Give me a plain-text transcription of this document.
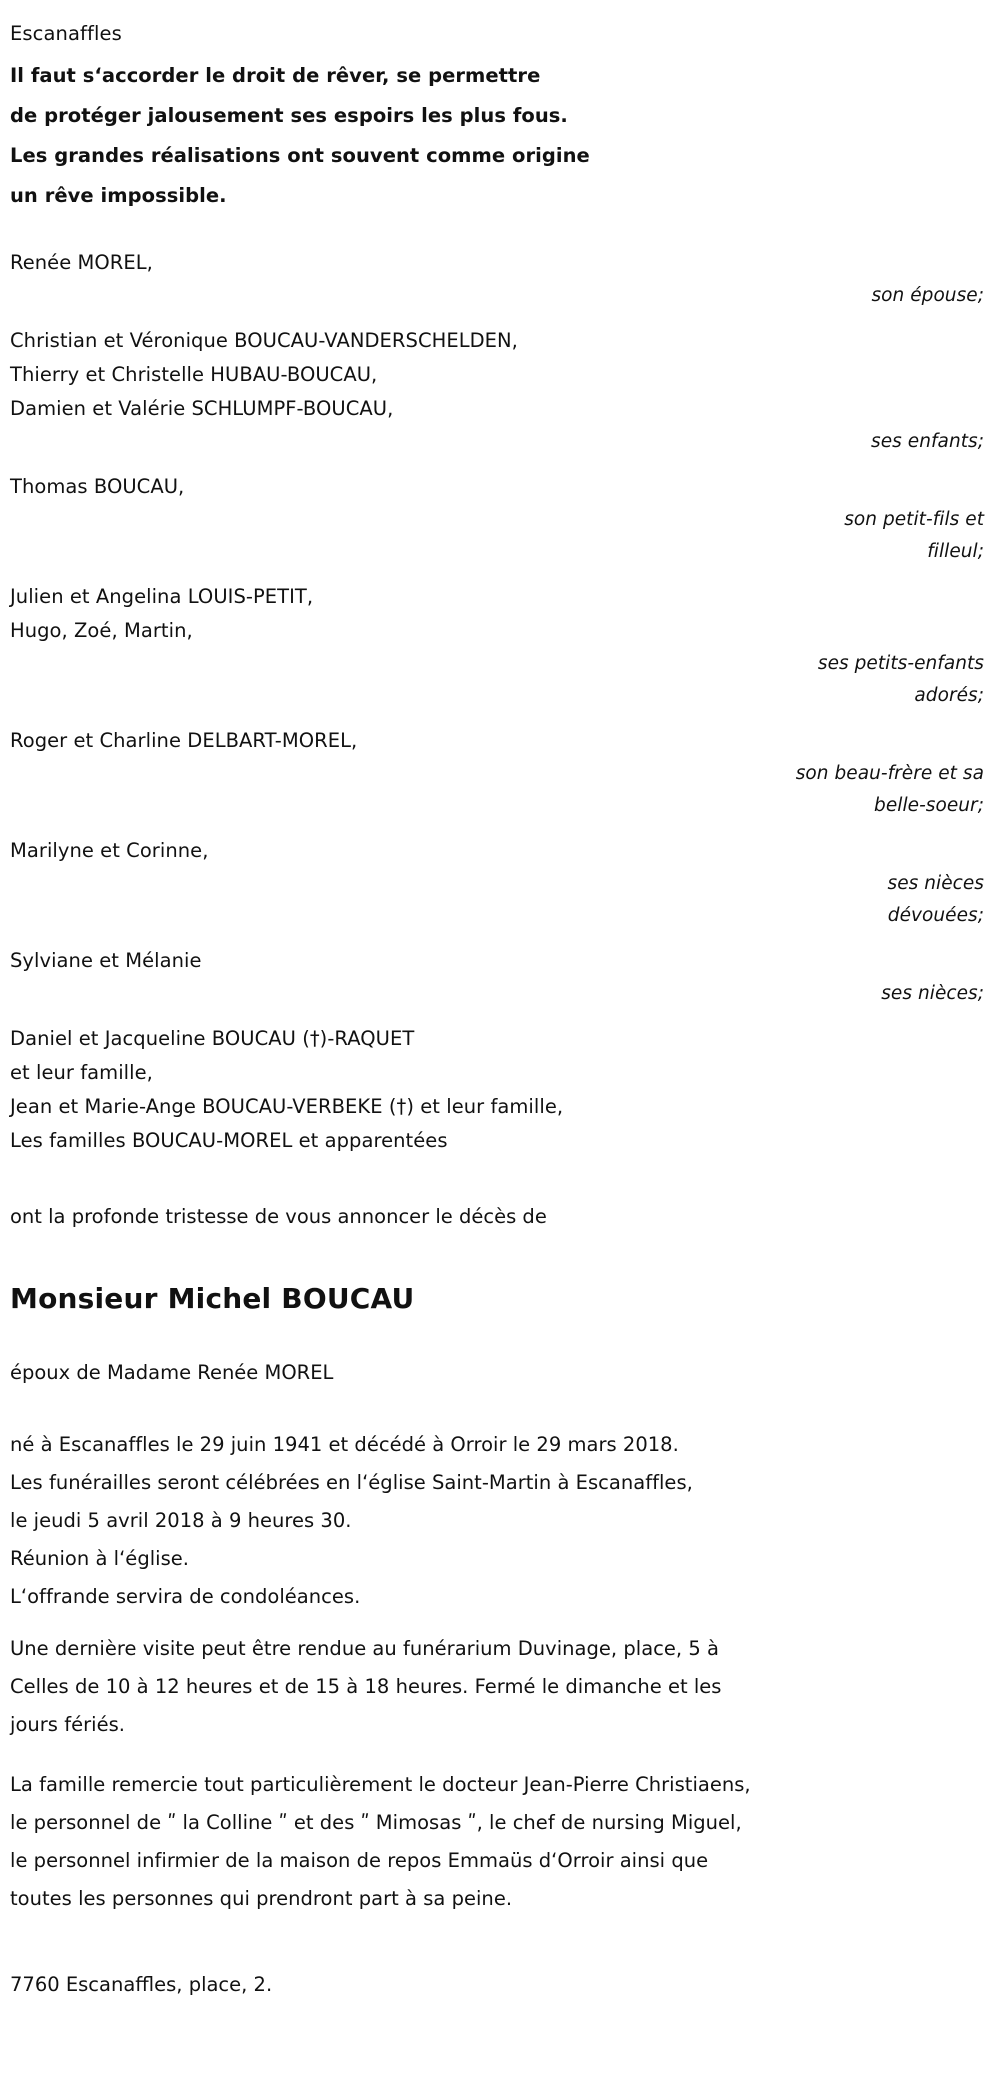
Escanaffles
Il faut s‘accorder le droit de rêver, se permettre
de protéger jalousement ses espoirs les plus fous.
Les grandes réalisations ont souvent comme origine
un rêve impossible.
Renée MOREL,
son épouse;
Christian et Véronique BOUCAU-VANDERSCHELDEN,
Thierry et Christelle HUBAU-BOUCAU,
Damien et Valérie SCHLUMPF-BOUCAU,
ses enfants;
Thomas BOUCAU,
son petit-fils et
filleul;
Julien et Angelina LOUIS-PETIT,
Hugo, Zoé, Martin,
ses petits-enfants
adorés;
Roger et Charline DELBART-MOREL,
son beau-frère et sa
belle-soeur;
Marilyne et Corinne,
ses nièces
dévouées;
Sylviane et Mélanie
ses nièces;
Daniel et Jacqueline BOUCAU (†)-RAQUET
et leur famille,
Jean et Marie-Ange BOUCAU-VERBEKE (†) et leur famille,
Les familles BOUCAU-MOREL et apparentées
ont la profonde tristesse de vous annoncer le décès de
Monsieur Michel BOUCAU
époux de Madame Renée MOREL
né à Escanaffles le 29 juin 1941 et décédé à Orroir le 29 mars 2018.
Les funérailles seront célébrées en l‘église Saint-Martin à Escanaffles,
le jeudi 5 avril 2018 à 9 heures 30.
Réunion à l‘église.
L‘offrande servira de condoléances.
Une dernière visite peut être rendue au funérarium Duvinage, place, 5 à Celles de 10 à 12 heures et de 15 à 18 heures. Fermé le dimanche et les jours fériés.
La famille remercie tout particulièrement le docteur Jean-Pierre Christiaens, le personnel de ʺ la Colline ʺ et des ʺ Mimosas ʺ, le chef de nursing Miguel, le personnel infirmier de la maison de repos Emmaüs d‘Orroir ainsi que toutes les personnes qui prendront part à sa peine.
7760 Escanaffles, place, 2.
